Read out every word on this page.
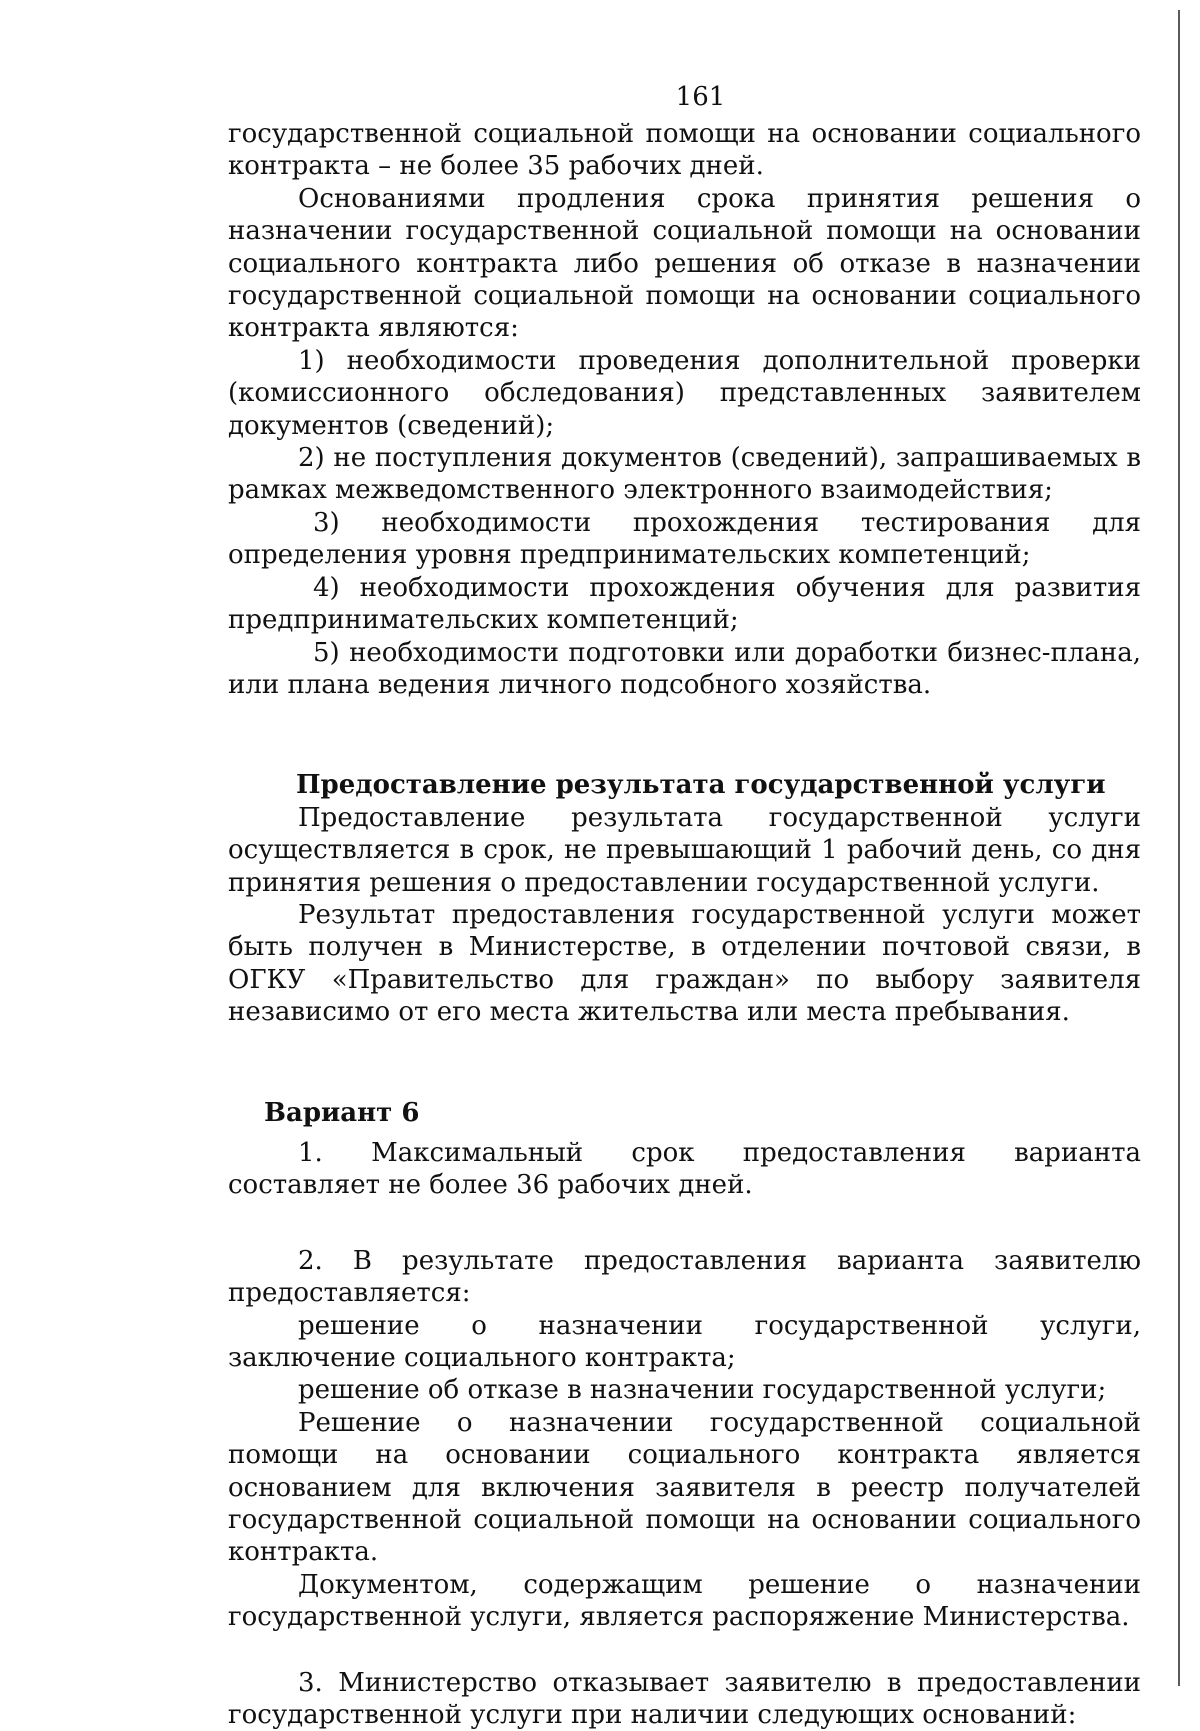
161

государственной социальной помощи на основании социального контракта – не более 35 рабочих дней.

Основаниями продления срока принятия решения о назначении государственной социальной помощи на основании социального контракта либо решения об отказе в назначении государственной социальной помощи на основании социального контракта являются:

1) необходимости проведения дополнительной проверки (комиссионного обследования) представленных заявителем документов (сведений);

2) не поступления документов (сведений), запрашиваемых в рамках межведомственного электронного взаимодействия;

3) необходимости прохождения тестирования для определения уровня предпринимательских компетенций;

4) необходимости прохождения обучения для развития предпринимательских компетенций;

5) необходимости подготовки или доработки бизнес-плана, или плана ведения личного подсобного хозяйства.

Предоставление результата государственной услуги

Предоставление результата государственной услуги осуществляется в срок, не превышающий 1 рабочий день, со дня принятия решения о предоставлении государственной услуги.

Результат предоставления государственной услуги может быть получен в Министерстве, в отделении почтовой связи, в ОГКУ «Правительство для граждан» по выбору заявителя независимо от его места жительства или места пребывания.

Вариант 6

1. Максимальный срок предоставления варианта составляет не более 36 рабочих дней.

2. В результате предоставления варианта заявителю предоставляется:

решение о назначении государственной услуги, заключение социального контракта;

решение об отказе в назначении государственной услуги;

Решение о назначении государственной социальной помощи на основании социального контракта является основанием для включения заявителя в реестр получателей государственной социальной помощи на основании социального контракта.

Документом, содержащим решение о назначении государственной услуги, является распоряжение Министерства.

3. Министерство отказывает заявителю в предоставлении государственной услуги при наличии следующих оснований:
